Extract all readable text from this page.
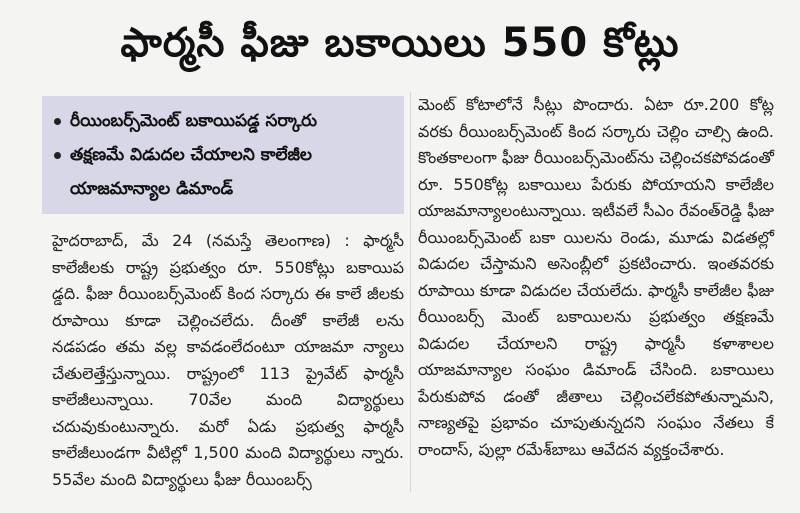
ఫార్మసీ ఫీజు బకాయిలు 550 కోట్లు
రీయింబర్స్‌మెంట్ బకాయిపడ్డ సర్కారు
తక్షణమే విడుదల చేయాలని కాలేజీల యాజమాన్యాల డిమాండ్

హైదరాబాద్, మే 24 (నమస్తే తెలంగాణ) : ఫార్మసీ కాలేజీలకు రాష్ట్ర ప్రభుత్వం రూ. 550కోట్లు బకాయిప డ్డది. ఫీజు రీయింబర్స్‌మెంట్ కింద సర్కారు ఈ కాలే జీలకు రూపాయి కూడా చెల్లించలేదు. దీంతో కాలేజీ లను నడపడం తమ వల్ల కావడంలేదంటూ యాజమా న్యాలు చేతులెత్తేస్తున్నాయి. రాష్ట్రంలో 113 ప్రైవేట్ ఫార్మసీ కాలేజీలున్నాయి. 70వేల మంది విద్యార్థులు చదువుకుంటున్నారు. మరో ఏడు ప్రభుత్వ ఫార్మసీ కాలేజీలుండగా వీటిల్లో 1,500 మంది విద్యార్థులు న్నారు. 55వేల మంది విద్యార్థులు ఫీజు రీయింబర్స్

మెంట్ కోటాలోనే సీట్లు పొందారు. ఏటా రూ.200 కోట్ల వరకు రీయింబర్స్‌మెంట్ కింద సర్కారు చెల్లిం చాల్సి ఉంది. కొంతకాలంగా ఫీజు రీయింబర్స్‌మెంట్‌ను చెల్లించకపోవడంతో రూ. 550కోట్ల బకాయిలు పేరుకు పోయాయని కాలేజీల యాజమాన్యాలంటున్నాయి. ఇటీవలే సీఎం రేవంత్‌రెడ్డి ఫీజు రీయింబర్స్‌మెంట్ బకా యిలను రెండు, మూడు విడతల్లో విడుదల చేస్తామని అసెంబ్లీలో ప్రకటించారు. ఇంతవరకు రూపాయి కూడా విడుదల చేయలేదు. ఫార్మసీ కాలేజీల ఫీజు రీయింబర్స్ మెంట్ బకాయిలను ప్రభుత్వం తక్షణమే విడుదల చేయాలని రాష్ట్ర ఫార్మసీ కళాశాలల యాజమాన్యాల సంఘం డిమాండ్ చేసింది. బకాయిలు పేరుకుపోవ డంతో జీతాలు చెల్లించలేకపోతున్నామని, నాణ్యతపై ప్రభావం చూపుతున్నదని సంఘం నేతలు కే రాందాస్, పుల్లా రమేశ్‌బాబు ఆవేదన వ్యక్తంచేశారు.
